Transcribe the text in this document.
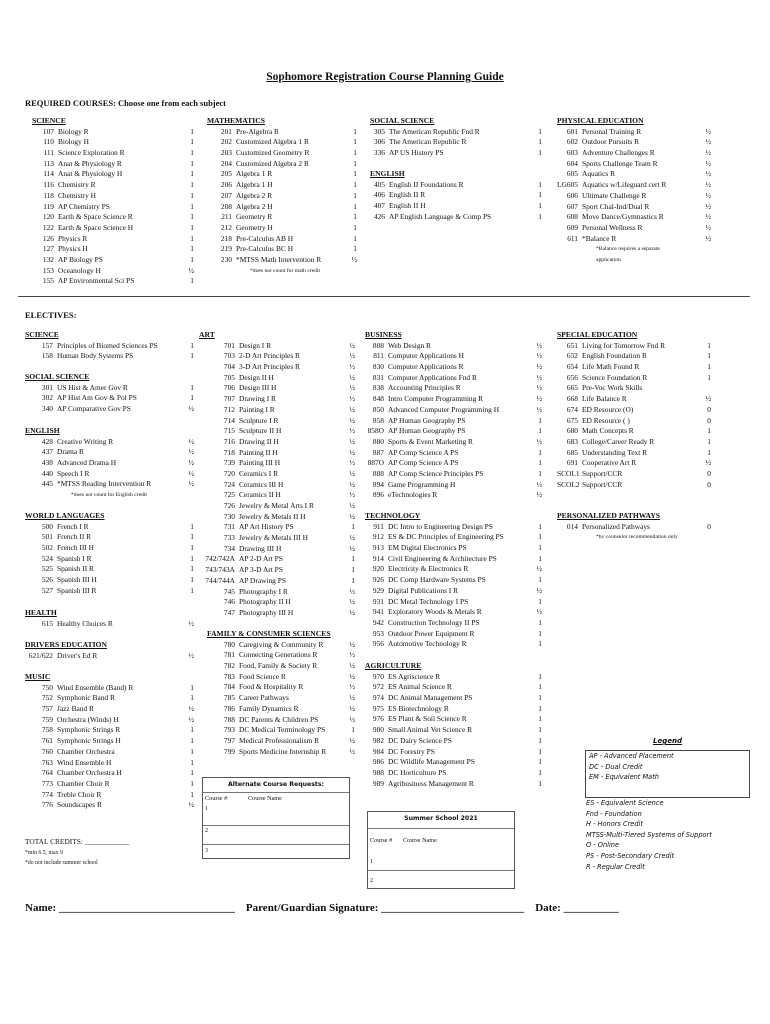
Sophomore Registration Course Planning Guide
REQUIRED COURSES: Choose one from each subject
SCIENCE
107 Biology R	1
110 Biology H	1
111 Science Exploration R	1
113 Anat & Physiology R	1
114 Anat & Physiology H	1
116 Chemistry R	1
118 Chemistry H	1
119 AP Chemistry PS	1
120 Earth & Space Science R	1
122 Earth & Space Science H	1
126 Physics R	1
127 Physics H	1
132 AP Biology PS	1
153 Oceanology H	½
155 AP Environmental Sci PS	1
MATHEMATICS
201 Pre-Algebra R	1
202 Customized Algebra 1 R	1
203 Customized Geometry R	1
204 Customized Algebra 2 R	1
205 Algebra 1 R	1
206 Algebra 1 H	1
207 Algebra 2 R	1
208 Algebra 2 H	1
211 Geometry R	1
212 Geometry H	1
218 Pre-Calculus AB H	1
219 Pre-Calculus BC H	1
230 *MTSS Math Intervention R	½
*does not count for math credit
SOCIAL SCIENCE
305 The American Republic Fnd R	1
306 The American Republic R	1
336 AP US History PS	1
ENGLISH
405 English II Foundations R	1
406 English II R	1
407 English II H	1
426 AP English Language & Comp PS	1
PHYSICAL EDUCATION
601 Personal Training R	½
602 Outdoor Pursuits R	½
603 Adventure Challenges R	½
604 Sports Challenge Team R	½
605 Aquatics R	½
LG605 Aquatics w/Lifeguard cert R	½
606 Ultimate Challenge R	½
607 Sport Chal-Ind/Dual R	½
608 Move Dance/Gymnastics R	½
609 Personal Wellness R	½
611 *Balance R	½
*Balance requires a separate
application
ELECTIVES:
SCIENCE
157 Principles of Biomed Sciences PS	1
158 Human Body Systems PS	1
SOCIAL SCIENCE
301 US Hist & Amer Gov R	1
302 AP Hist Am Gov & Pol PS	1
340 AP Comparative Gov PS	½
ENGLISH
428 Creative Writing R	½
437 Drama R	½
438 Advanced Drama H	½
440 Speech I R	½
445 *MTSS Reading Intervention R	½
*does not count for English credit
WORLD LANGUAGES
500 French I R	1
501 French II R	1
502 French III H	1
524 Spanish I R	1
525 Spanish II R	1
526 Spanish III H	1
527 Spanish III R	1
HEALTH
615 Healthy Choices R	½
DRIVERS EDUCATION
621/622 Driver's Ed R	½
MUSIC
750 Wind Ensemble (Band) R	1
752 Symphonic Band R	1
757 Jazz Band R	½
759 Orchestra (Winds) H	½
758 Symphonic Strings R	1
761 Symphonic Strings H	1
760 Chamber Orchestra	1
763 Wind Ensemble H	1
764 Chamber Orchestra H	1
773 Chamber Choir R	1
774 Treble Choir R	1
776 Soundscapes R	½
ART
701 Design I R	½
703 2-D Art Principles R	½
704 3-D Art Principles R	½
705 Design II H	½
706 Design III H	½
707 Drawing I R	½
712 Painting I R	½
714 Sculpture I R	½
715 Sculpture II H	½
716 Drawing II H	½
718 Painting II H	½
739 Painting III H	½
720 Ceramics I R	½
724 Ceramics III H	½
725 Ceramics II H	½
726 Jewelry & Metal Arts I R	½
730 Jewelry & Metals II H	½
731 AP Art History PS	1
733 Jewelry & Metals III H	½
734 Drawing III H	½
742/742A AP 2-D Art PS	1
743/743A AP 3-D Art PS	1
744/744A AP Drawing PS	1
745 Photography I R	½
746 Photography II H	½
747 Photography III H	½
FAMILY & CONSUMER SCIENCES
780 Caregiving & Community R	½
781 Connecting Generations R	½
782 Food, Family & Society R	½
783 Food Science R	½
784 Food & Hospitality R	½
785 Career Pathways	½
786 Family Dynamics R	½
788 DC Parents & Children PS	½
793 DC Medical Terminology PS	1
797 Medical Professionalism R	½
799 Sports Medicine Internship R	½
BUSINESS
808 Web Design R	½
811 Computer Applications H	½
830 Computer Applications R	½
831 Computer Applications Fnd R	½
838 Accounting Principles R	½
848 Intro Computer Programming R	½
850 Advanced Computer Programming H	½
858 AP Human Geography PS	1
858O AP Human Geography PS	1
880 Sports & Event Marketing R	½
887 AP Comp Science A PS	1
887O AP Comp Science A PS	1
888 AP Comp Science Principles PS	1
894 Game Programming H	½
896 eTechnologies R	½
TECHNOLOGY
911 DC Intro to Engineering Design PS	1
912 ES & DC Principles of Engineering PS	1
913 EM Digital Electronics PS	1
914 Civil Engineering & Architecture PS	1
920 Electricity & Electronics R	½
926 DC Comp Hardware Systems PS	1
929 Digital Publications I R	½
931 DC Metal Technology I PS	1
941 Exploratory Woods & Metals R	½
942 Construction Technology II PS	1
953 Outdoor Power Equipment R	1
956 Automotive Technology R	1
AGRICULTURE
970 ES Agriscience R	1
972 ES Animal Science R	1
974 DC Animal Management PS	1
975 ES Biotechnology R	1
976 ES Plant & Soil Science R	1
980 Small Animal Vet Science R	1
982 DC Dairy Science PS	1
984 DC Forestry PS	1
986 DC Wildlife Management PS	1
988 DC Horticulture PS	1
989 Agribusiness Management R	1
SPECIAL EDUCATION
651 Living for Tomorrow Fnd R	1
652 English Foundation R	1
654 Life Math Found R	1
656 Science Foundation R	1
665 Pre-Voc Work Skills
668 Life Balance R	½
674 ED Resource (O)	0
675 ED Resource ( )	0
680 Math Concepts R	1
683 College/Career Ready R	1
685 Understanding Text R	1
691 Cooperative Art R	½
SCOL1 Support/CCR	0
SCOL2 Support/CCR	0
PERSONALIZED PATHWAYS
014 Personalized Pathways	0
*by counselor recommendation only
Alternate Course Requests:
Course #	Course Name
1
2
3
Summer School 2021
Course # Course Name
1
2
Legend
AP - Advanced Placement
DC - Dual Credit
EM - Equivalent Math
ES - Equivalent Science
Fnd - Foundation
H - Honors Credit
MTSS-Multi-Tiered Systems of Support
O - Online
PS - Post-Secondary Credit
R - Regular Credit
TOTAL CREDITS: ____________
*min 6.5, max 9
*do not include summer school
Name: ________________________________ Parent/Guardian Signature: __________________________ Date: __________
